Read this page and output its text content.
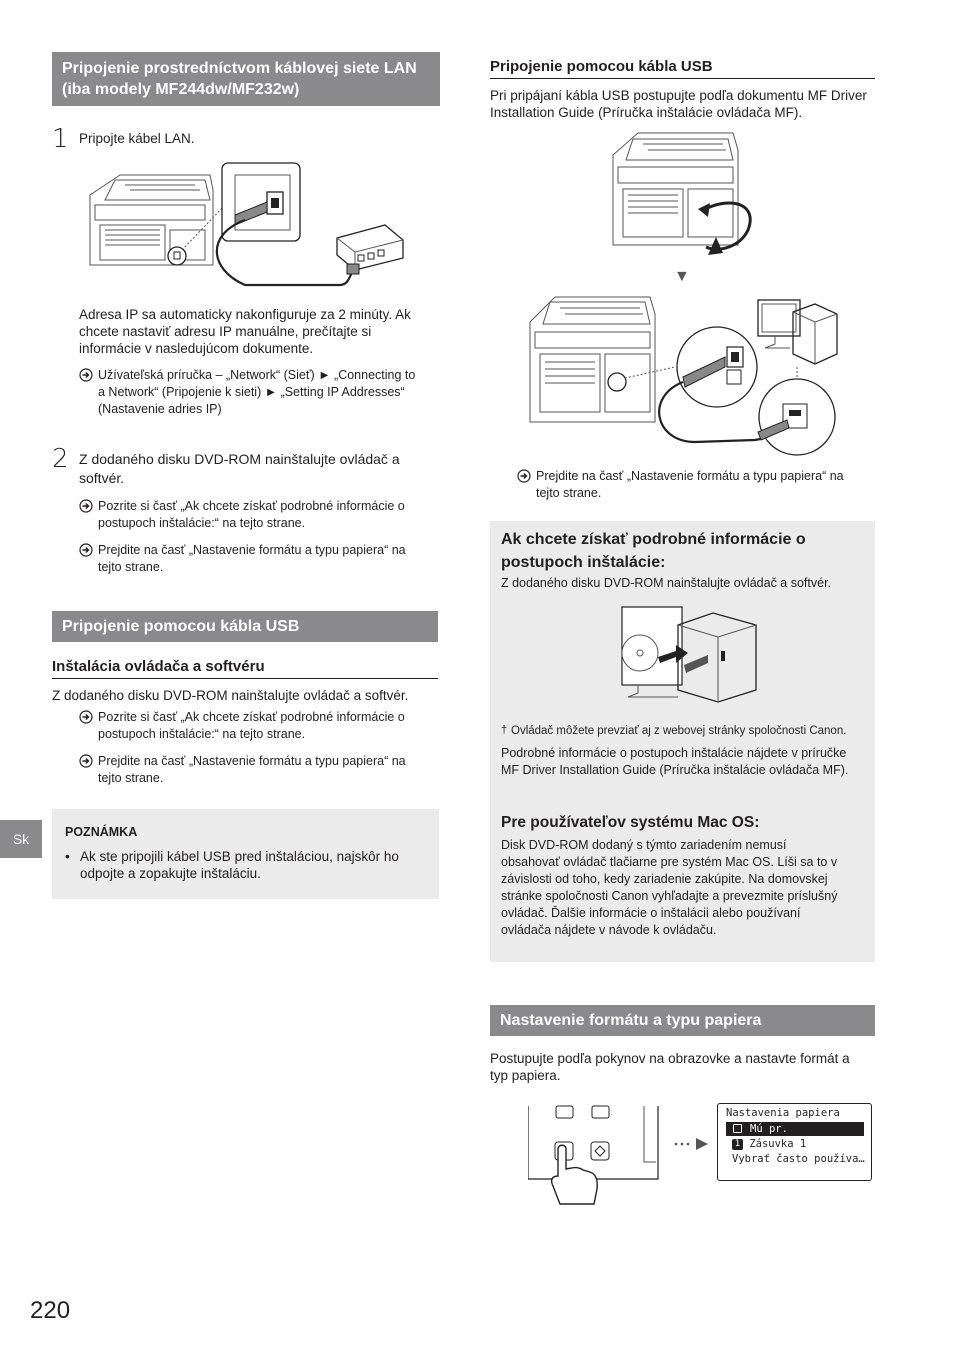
Pripojenie prostredníctvom káblovej siete LAN (iba modely MF244dw/MF232w)
1 Pripojte kábel LAN.
Adresa IP sa automaticky nakonfiguruje za 2 minúty. Ak chcete nastaviť adresu IP manuálne, prečítajte si informácie v nasledujúcom dokumente.
Užívateľská príručka – „Network“ (Sieť) ► „Connecting to a Network“ (Pripojenie k sieti) ► „Setting IP Addresses“ (Nastavenie adries IP)
2 Z dodaného disku DVD-ROM nainštalujte ovládač a softvér.
Pozrite si časť „Ak chcete získať podrobné informácie o postupoch inštalácie:“ na tejto strane.
Prejdite na časť „Nastavenie formátu a typu papiera“ na tejto strane.
Pripojenie pomocou kábla USB
Inštalácia ovládača a softvéru
Z dodaného disku DVD-ROM nainštalujte ovládač a softvér.
Pozrite si časť „Ak chcete získať podrobné informácie o postupoch inštalácie:“ na tejto strane.
Prejdite na časť „Nastavenie formátu a typu papiera“ na tejto strane.
POZNÁMKA
• Ak ste pripojili kábel USB pred inštaláciou, najskôr ho odpojte a zopakujte inštaláciu.
Sk
220
Pripojenie pomocou kábla USB
Pri pripájaní kábla USB postupujte podľa dokumentu MF Driver Installation Guide (Príručka inštalácie ovládača MF).
▼
Prejdite na časť „Nastavenie formátu a typu papiera“ na tejto strane.
Ak chcete získať podrobné informácie o postupoch inštalácie:
Z dodaného disku DVD-ROM nainštalujte ovládač a softvér.
† Ovládač môžete prevziať aj z webovej stránky spoločnosti Canon.
Podrobné informácie o postupoch inštalácie nájdete v príručke MF Driver Installation Guide (Príručka inštalácie ovládača MF).
Pre používateľov systému Mac OS:
Disk DVD-ROM dodaný s týmto zariadením nemusí obsahovať ovládač tlačiarne pre systém Mac OS. Líši sa to v závislosti od toho, kedy zariadenie zakúpite. Na domovskej stránke spoločnosti Canon vyhľadajte a prevezmite príslušný ovládač. Ďalšie informácie o inštalácii alebo používaní ovládača nájdete v návode k ovládaču.
Nastavenie formátu a typu papiera
Postupujte podľa pokynov na obrazovke a nastavte formát a typ papiera.
Nastavenia papiera
Mú pr.
1 Zásuvka 1
Vybrať často používa…
